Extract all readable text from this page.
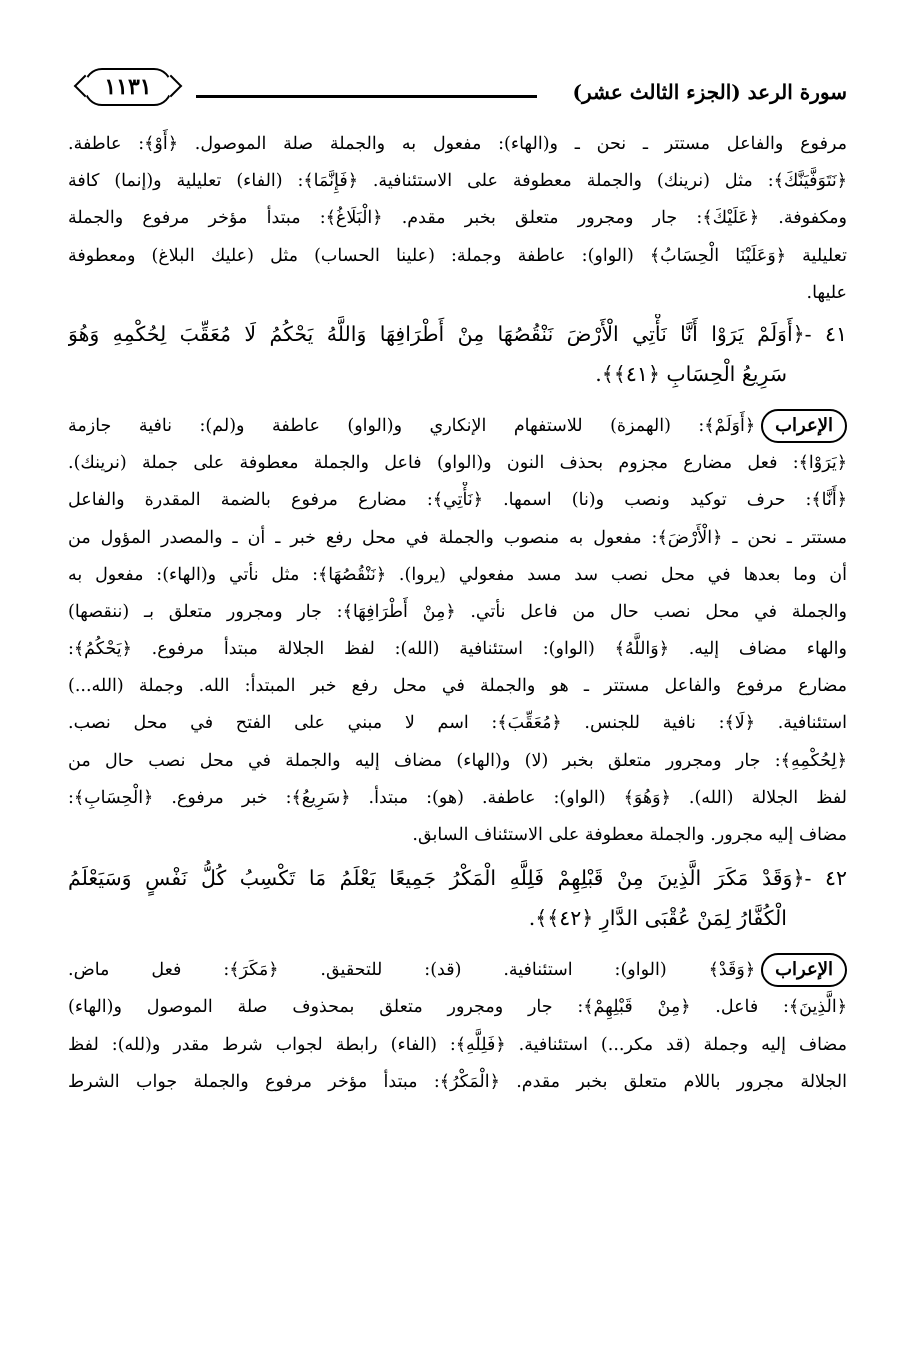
سورة الرعد (الجزء الثالث عشر)
١١٣١
مرفوع والفاعل مستتر ـ نحن ـ و(الهاء): مفعول به والجملة صلة الموصول. ﴿أَوْ﴾: عاطفة.
﴿نَتَوَفَّيَنَّكَ﴾: مثل (نرينك) والجملة معطوفة على الاستئنافية. ﴿فَإِنَّمَا﴾: (الفاء) تعليلية و(إنما) كافة
ومكفوفة. ﴿عَلَيْكَ﴾: جار ومجرور متعلق بخبر مقدم. ﴿الْبَلَاغُ﴾: مبتدأ مؤخر مرفوع والجملة
تعليلية ﴿وَعَلَيْنَا الْحِسَابُ﴾ (الواو): عاطفة وجملة: (علينا الحساب) مثل (عليك البلاغ) ومعطوفة
عليها.
٤١ -﴿أَوَلَمْ يَرَوْا أَنَّا نَأْتِي الْأَرْضَ نَنْقُصُهَا مِنْ أَطْرَافِهَا وَاللَّهُ يَحْكُمُ لَا مُعَقِّبَ لِحُكْمِهِ وَهُوَ
سَرِيعُ الْحِسَابِ ﴿٤١﴾﴾.
الإعراب﴿أَوَلَمْ﴾: (الهمزة) للاستفهام الإنكاري و(الواو) عاطفة و(لم): نافية جازمة
﴿يَرَوْا﴾: فعل مضارع مجزوم بحذف النون و(الواو) فاعل والجملة معطوفة على جملة (نرينك).
﴿أَنَّا﴾: حرف توكيد ونصب و(نا) اسمها. ﴿نَأْتِي﴾: مضارع مرفوع بالضمة المقدرة والفاعل
مستتر ـ نحن ـ ﴿الْأَرْضَ﴾: مفعول به منصوب والجملة في محل رفع خبر ـ أن ـ والمصدر المؤول من
أن وما بعدها في محل نصب سد مسد مفعولي (يروا). ﴿نَنْقُصُهَا﴾: مثل نأتي و(الهاء): مفعول به
والجملة في محل نصب حال من فاعل نأتي. ﴿مِنْ أَطْرَافِهَا﴾: جار ومجرور متعلق بـ (ننقصها)
والهاء مضاف إليه. ﴿وَاللَّهُ﴾ (الواو): استئنافية (الله): لفظ الجلالة مبتدأ مرفوع. ﴿يَحْكُمُ﴾:
مضارع مرفوع والفاعل مستتر ـ هو والجملة في محل رفع خبر المبتدأ: الله. وجملة (الله...)
استئنافية. ﴿لَا﴾: نافية للجنس. ﴿مُعَقِّبَ﴾: اسم لا مبني على الفتح في محل نصب.
﴿لِحُكْمِهِ﴾: جار ومجرور متعلق بخبر (لا) و(الهاء) مضاف إليه والجملة في محل نصب حال من
لفظ الجلالة (الله). ﴿وَهُوَ﴾ (الواو): عاطفة. (هو): مبتدأ. ﴿سَرِيعُ﴾: خبر مرفوع. ﴿الْحِسَابِ﴾:
مضاف إليه مجرور. والجملة معطوفة على الاستئناف السابق.
٤٢ -﴿وَقَدْ مَكَرَ الَّذِينَ مِنْ قَبْلِهِمْ فَلِلَّهِ الْمَكْرُ جَمِيعًا يَعْلَمُ مَا تَكْسِبُ كُلُّ نَفْسٍ وَسَيَعْلَمُ
الْكُفَّارُ لِمَنْ عُقْبَى الدَّارِ ﴿٤٢﴾﴾.
الإعراب﴿وَقَدْ﴾ (الواو): استئنافية. (قد): للتحقيق. ﴿مَكَرَ﴾: فعل ماض.
﴿الَّذِينَ﴾: فاعل. ﴿مِنْ قَبْلِهِمْ﴾: جار ومجرور متعلق بمحذوف صلة الموصول و(الهاء)
مضاف إليه وجملة (قد مكر...) استئنافية. ﴿فَلِلَّهِ﴾: (الفاء) رابطة لجواب شرط مقدر و(لله): لفظ
الجلالة مجرور باللام متعلق بخبر مقدم. ﴿الْمَكْرُ﴾: مبتدأ مؤخر مرفوع والجملة جواب الشرط
